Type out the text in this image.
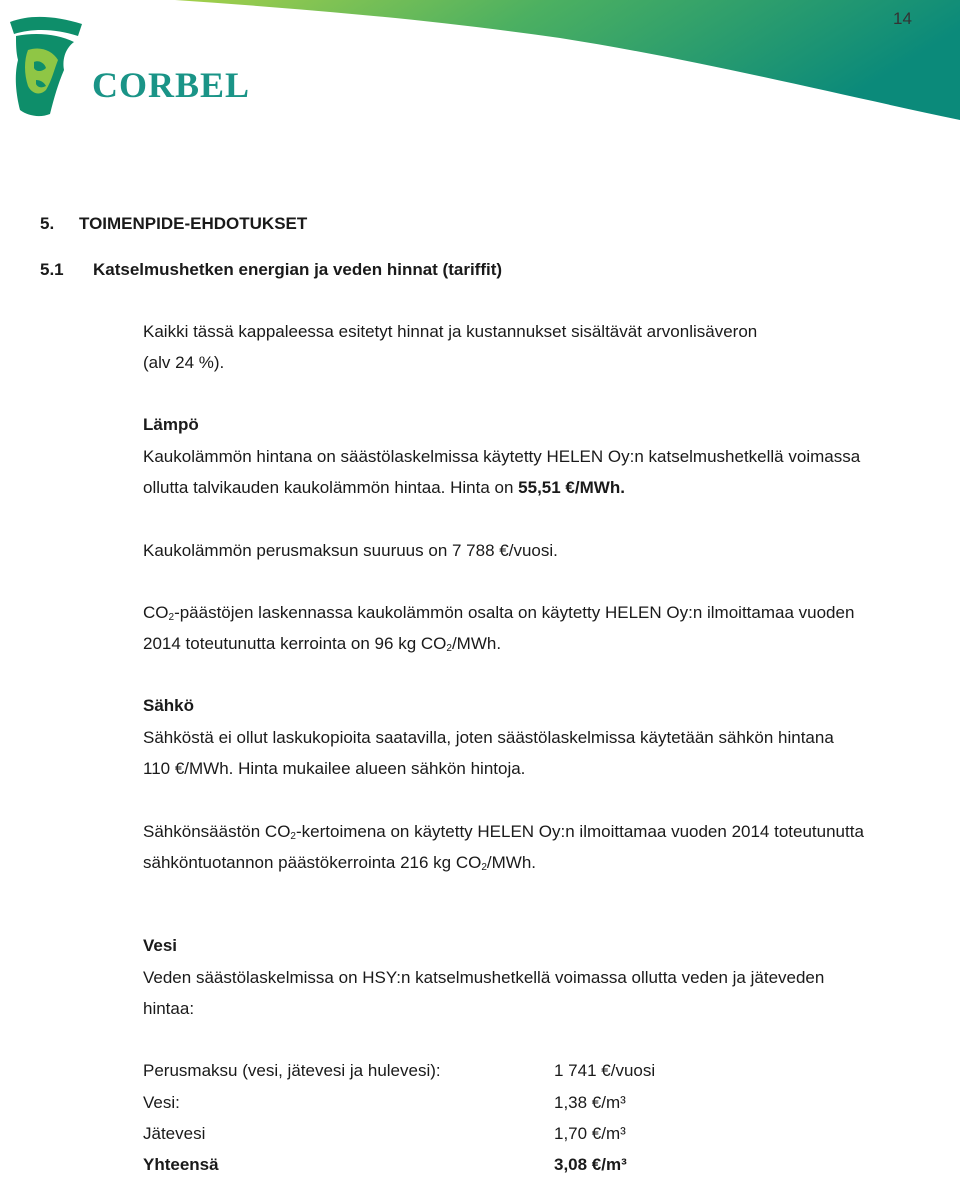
14
CORBEL
5. TOIMENPIDE-EHDOTUKSET
5.1 Katselmushetken energian ja veden hinnat (tariffit)

Kaikki tässä kappaleessa esitetyt hinnat ja kustannukset sisältävät arvonlisäveron
(alv 24 %).

Lämpö

Kaukolämmön hintana on säästölaskelmissa käytetty HELEN Oy:n katselmushetkellä voimassa
ollutta talvikauden kaukolämmön hintaa. Hinta on 55,51 €/MWh.

Kaukolämmön perusmaksun suuruus on 7 788 €/vuosi.

$CO_2$-päästöjen laskennassa kaukolämmön osalta on käytetty HELEN Oy:n ilmoittamaa vuoden
2014 toteutunutta kerrointa on 96 kg $CO_2$/MWh.

Sähkö

Sähköstä ei ollut laskukopioita saatavilla, joten säästölaskelmissa käytetään sähkön hintana
110 €/MWh. Hinta mukailee alueen sähkön hintoja.

Sähkönsäästön $CO_2$-kertoimena on käytetty HELEN Oy:n ilmoittamaa vuoden 2014 toteutunutta
sähköntuotannon päästökerrointa 216 kg $CO_2$/MWh.

Vesi

Veden säästölaskelmissa on HSY:n katselmushetkellä voimassa ollutta veden ja jäteveden
hintaa:

Perusmaksu (vesi, jätevesi ja hulevesi):	1 741 €/vuosi
Vesi:	1,38 €/m³
Jätevesi	1,70 €/m³
Yhteensä	3,08 €/m³
